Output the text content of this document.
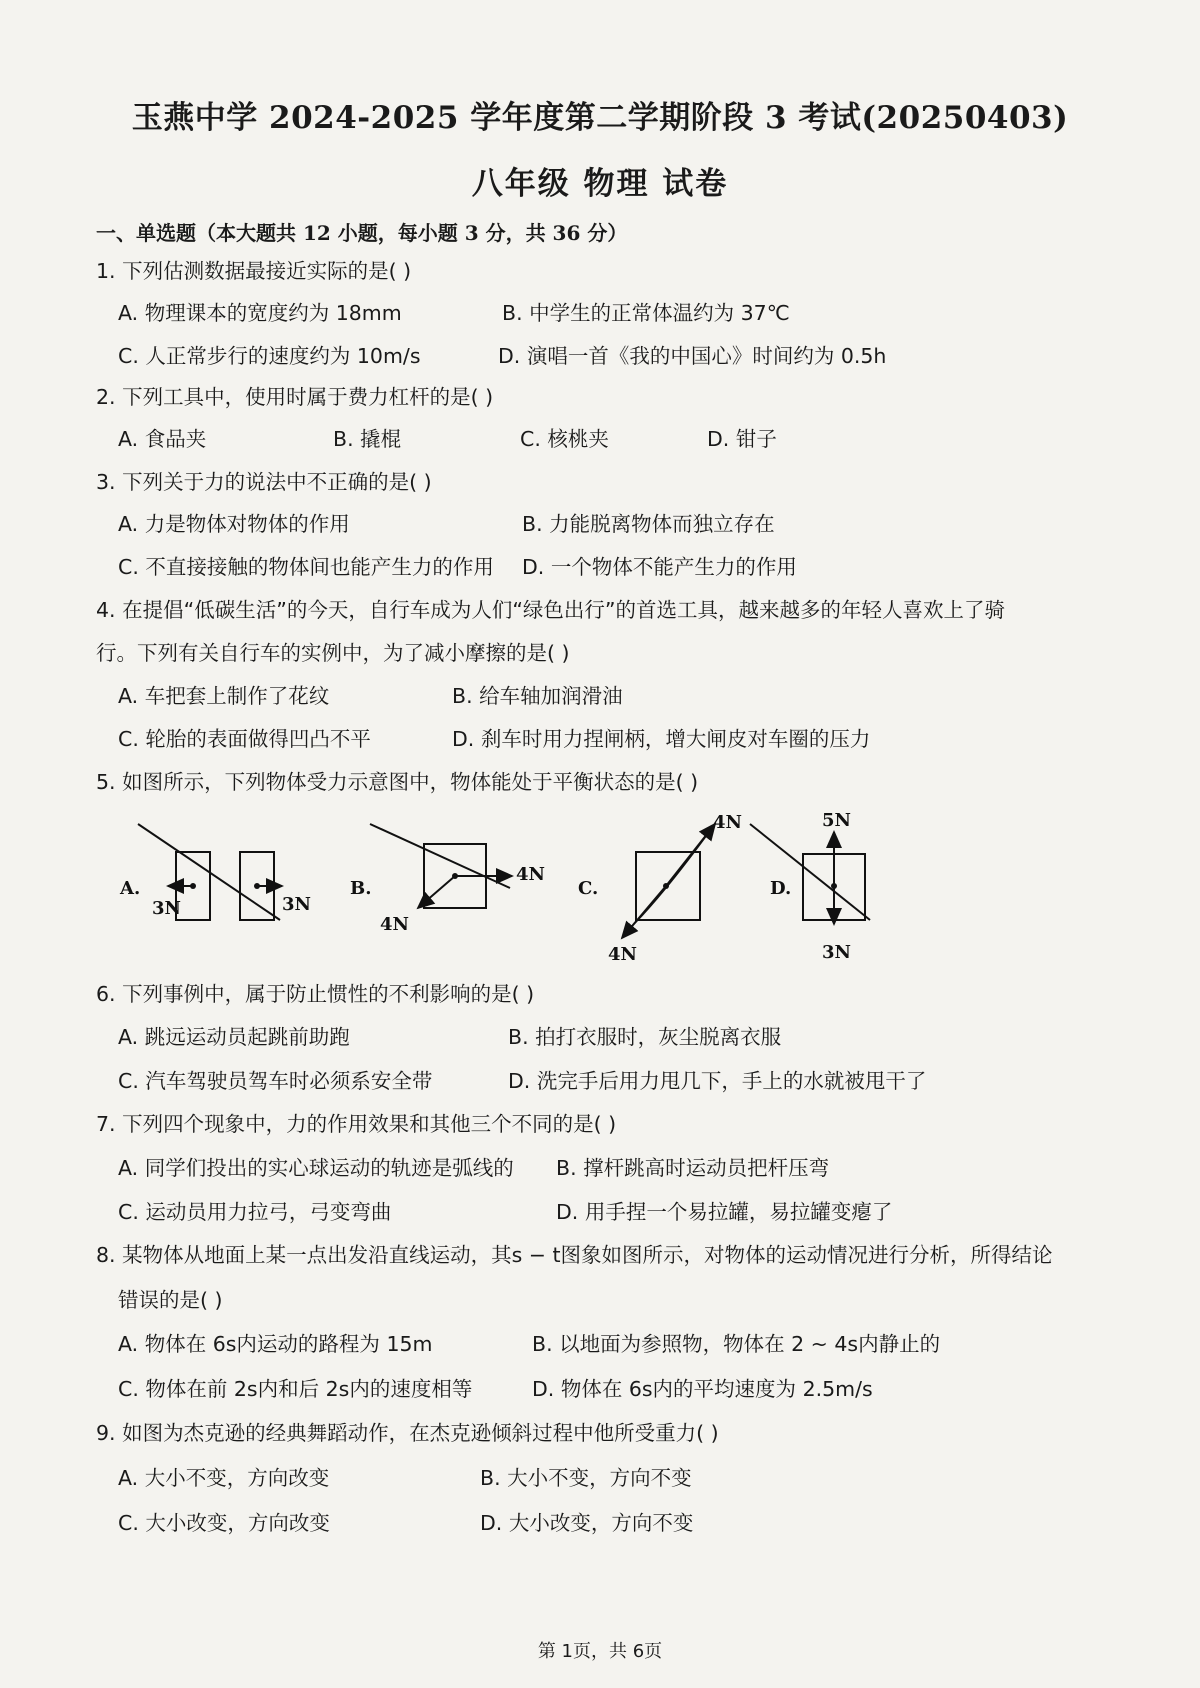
玉燕中学 2024-2025 学年度第二学期阶段 3 考试(20250403)
八年级 物理 试卷
一、单选题（本大题共 12 小题，每小题 3 分，共 36 分）
1. 下列估测数据最接近实际的是( )
A. 物理课本的宽度约为 18mm	B. 中学生的正常体温约为 37℃
C. 人正常步行的速度约为 10m/s	D. 演唱一首《我的中国心》时间约为 0.5h
2. 下列工具中，使用时属于费力杠杆的是( )
A. 食品夹	B. 撬棍	C. 核桃夹	D. 钳子
3. 下列关于力的说法中不正确的是( )
A. 力是物体对物体的作用	B. 力能脱离物体而独立存在
C. 不直接接触的物体间也能产生力的作用 D. 一个物体不能产生力的作用
4. 在提倡“低碳生活”的今天，自行车成为人们“绿色出行”的首选工具，越来越多的年轻人喜欢上了骑
行。下列有关自行车的实例中，为了减小摩擦的是( )
A. 车把套上制作了花纹	B. 给车轴加润滑油
C. 轮胎的表面做得凹凸不平	D. 刹车时用力捏闸柄，增大闸皮对车圈的压力
5. 如图所示，下列物体受力示意图中，物体能处于平衡状态的是( )
A.
3N	3N
B.
4N
4N
C.
4N
4N
D.
5N
3N
6. 下列事例中，属于防止惯性的不利影响的是( )
A. 跳远运动员起跳前助跑	B. 拍打衣服时，灰尘脱离衣服
C. 汽车驾驶员驾车时必须系安全带	D. 洗完手后用力甩几下，手上的水就被甩干了
7. 下列四个现象中，力的作用效果和其他三个不同的是( )
A. 同学们投出的实心球运动的轨迹是弧线的 B. 撑杆跳高时运动员把杆压弯
C. 运动员用力拉弓，弓变弯曲	D. 用手捏一个易拉罐，易拉罐变瘪了
8. 某物体从地面上某一点出发沿直线运动，其s − t图象如图所示，对物体的运动情况进行分析，所得结论
错误的是( )
A. 物体在 6s内运动的路程为 15m	B. 以地面为参照物，物体在 2 ~ 4s内静止的
C. 物体在前 2s内和后 2s内的速度相等	D. 物体在 6s内的平均速度为 2.5m/s
9. 如图为杰克逊的经典舞蹈动作，在杰克逊倾斜过程中他所受重力( )
A. 大小不变，方向改变	B. 大小不变，方向不变
C. 大小改变，方向改变	D. 大小改变，方向不变
第 1页，共 6页
